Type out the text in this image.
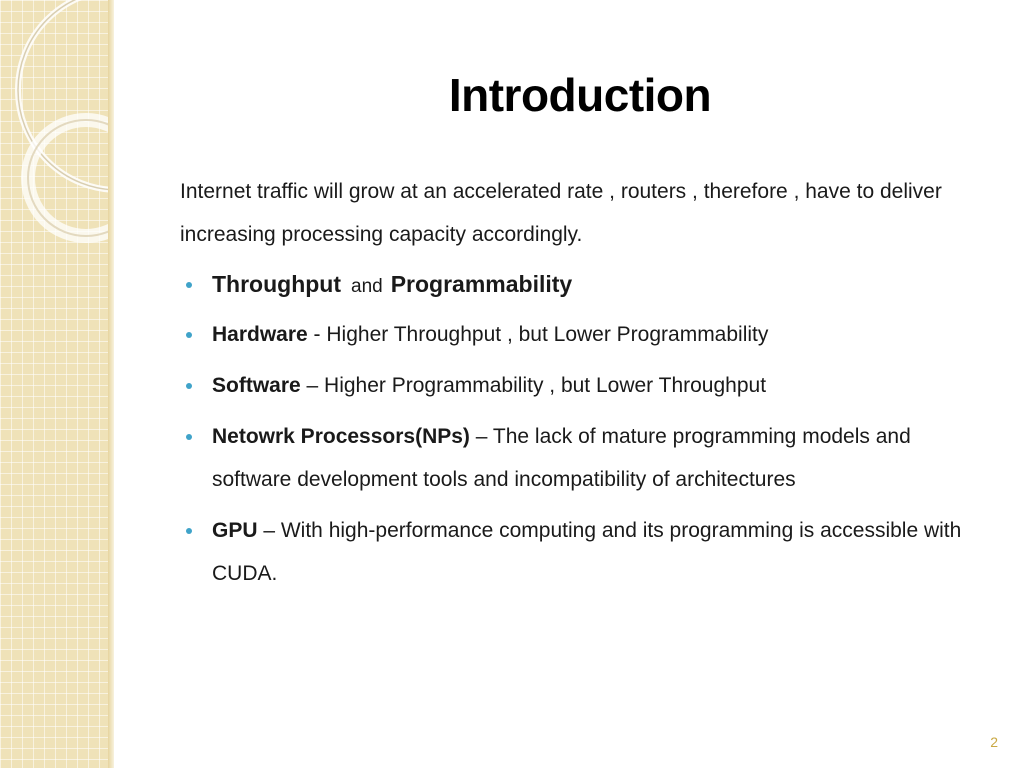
Introduction

Internet traffic will grow at an accelerated rate , routers , therefore , have to deliver increasing processing capacity accordingly.

Throughput and Programmability
Hardware - Higher Throughput , but Lower Programmability
Software – Higher Programmability , but Lower Throughput
Netowrk Processors(NPs) – The lack of mature programming models and software development tools and incompatibility of architectures
GPU – With high-performance computing and its programming is accessible with CUDA.
2
